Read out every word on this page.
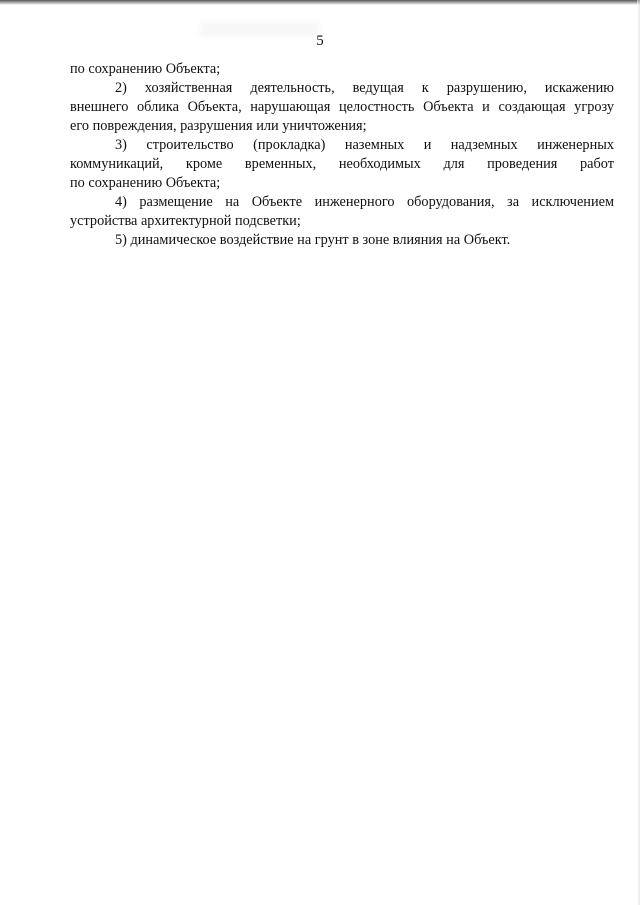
5
по сохранению Объекта;
2) хозяйственная деятельность, ведущая к разрушению, искажению
внешнего облика Объекта, нарушающая целостность Объекта и создающая угрозу
его повреждения, разрушения или уничтожения;
3) строительство (прокладка) наземных и надземных инженерных
коммуникаций, кроме временных, необходимых для проведения работ
по сохранению Объекта;
4) размещение на Объекте инженерного оборудования, за исключением
устройства архитектурной подсветки;
5) динамическое воздействие на грунт в зоне влияния на Объект.
